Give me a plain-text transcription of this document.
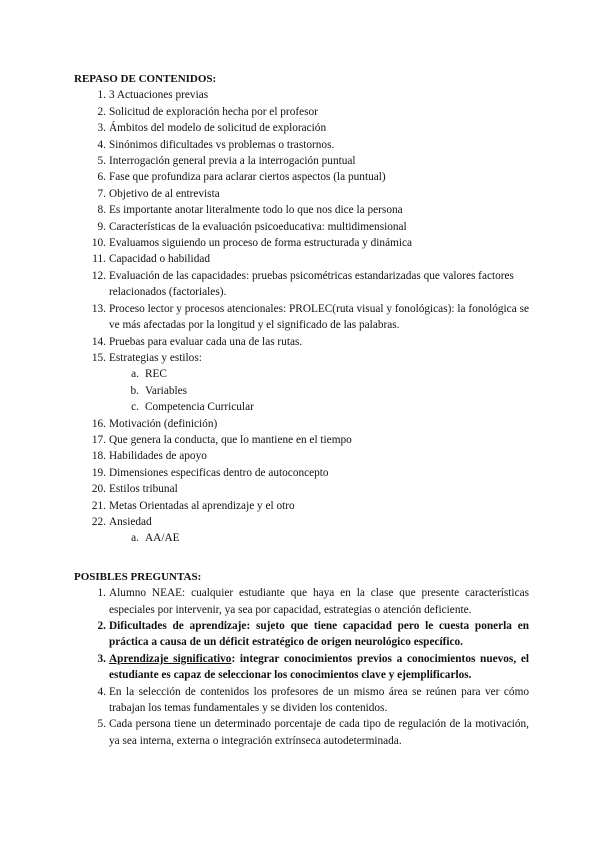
REPASO DE CONTENIDOS:
1. 3 Actuaciones previas
2. Solicitud de exploración hecha por el profesor
3. Ámbitos del modelo de solicitud de exploración
4. Sinónimos dificultades vs problemas o trastornos.
5. Interrogación general previa a la interrogación puntual
6. Fase que profundiza para aclarar ciertos aspectos (la puntual)
7. Objetivo de al entrevista
8. Es importante anotar literalmente todo lo que nos dice la persona
9. Características de la evaluación psicoeducativa: multidimensional
10. Evaluamos siguiendo un proceso de forma estructurada y dinámica
11. Capacidad o habilidad
12. Evaluación de las capacidades: pruebas psicométricas estandarizadas que valores factores relacionados (factoriales).
13. Proceso lector y procesos atencionales: PROLEC(ruta visual y fonológicas): la fonológica se ve más afectadas por la longitud y el significado de las palabras.
14. Pruebas para evaluar cada una de las rutas.
15. Estrategias y estilos:
a. REC
b. Variables
c. Competencia Curricular
16. Motivación (definición)
17. Que genera la conducta, que lo mantiene en el tiempo
18. Habilidades de apoyo
19. Dimensiones especificas dentro de autoconcepto
20. Estilos tribunal
21. Metas Orientadas al aprendizaje y el otro
22. Ansiedad
a. AA/AE
POSIBLES PREGUNTAS:
1. Alumno NEAE: cualquier estudiante que haya en la clase que presente características especiales por intervenir, ya sea por capacidad, estrategias o atención deficiente.
2. Dificultades de aprendizaje: sujeto que tiene capacidad pero le cuesta ponerla en práctica a causa de un déficit estratégico de origen neurológico específico.
3. Aprendizaje significativo: integrar conocimientos previos a conocimientos nuevos, el estudiante es capaz de seleccionar los conocimientos clave y ejemplificarlos.
4. En la selección de contenidos los profesores de un mismo área se reúnen para ver cómo trabajan los temas fundamentales y se dividen los contenidos.
5. Cada persona tiene un determinado porcentaje de cada tipo de regulación de la motivación, ya sea interna, externa o integración extrínseca autodeterminada.
